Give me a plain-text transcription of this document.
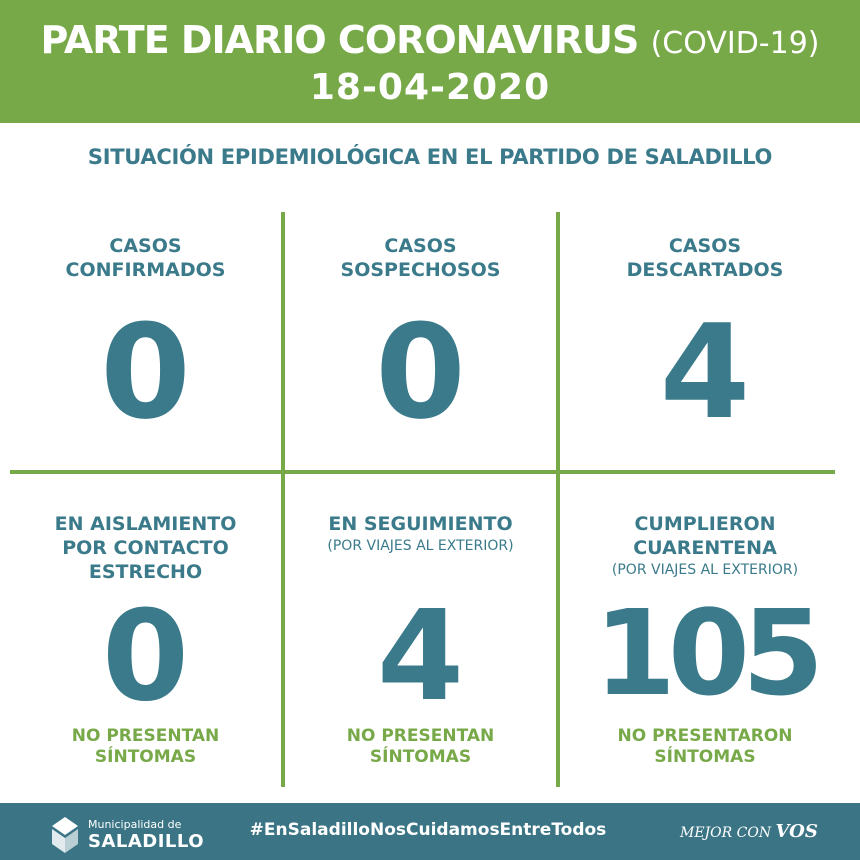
PARTE DIARIO CORONAVIRUS (COVID-19)
18-04-2020
SITUACIÓN EPIDEMIOLÓGICA EN EL PARTIDO DE SALADILLO
CASOS
CONFIRMADOS
0
CASOS
SOSPECHOSOS
0
CASOS
DESCARTADOS
4
EN AISLAMIENTO
POR CONTACTO
ESTRECHO
0
NO PRESENTAN
SÍNTOMAS
EN SEGUIMIENTO
(POR VIAJES AL EXTERIOR)
4
NO PRESENTAN
SÍNTOMAS
CUMPLIERON
CUARENTENA
(POR VIAJES AL EXTERIOR)
105
NO PRESENTARON
SÍNTOMAS
Municipalidad de
SALADILLO
#EnSaladilloNosCuidamosEntreTodos	MEJOR CON VOS
